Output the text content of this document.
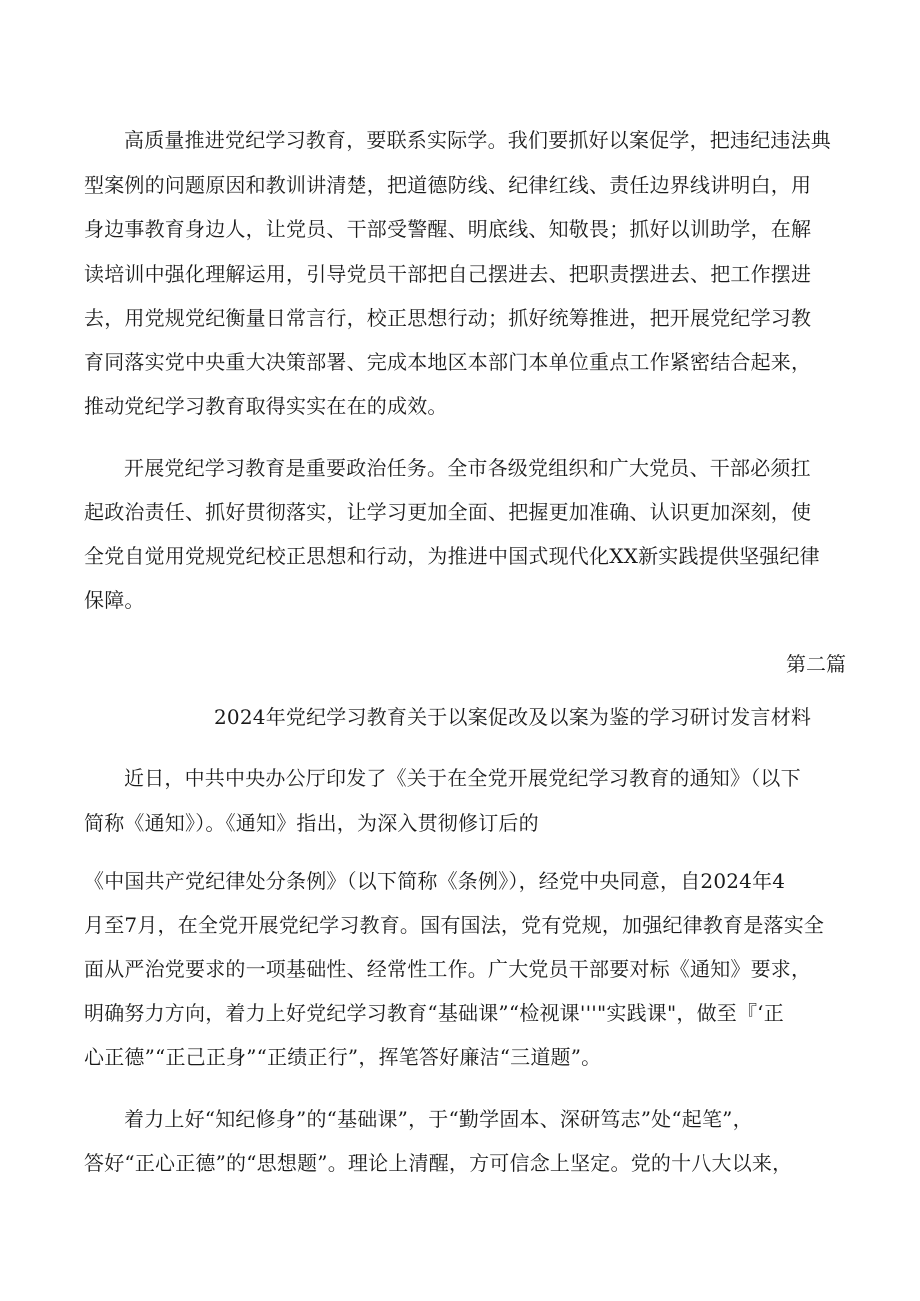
高质量推进党纪学习教育，要联系实际学。我们要抓好以案促学，把违纪违法典
型案例的问题原因和教训讲清楚，把道德防线、纪律红线、责任边界线讲明白，用
身边事教育身边人，让党员、干部受警醒、明底线、知敬畏；抓好以训助学，在解
读培训中强化理解运用，引导党员干部把自己摆进去、把职责摆进去、把工作摆进
去，用党规党纪衡量日常言行，校正思想行动；抓好统筹推进，把开展党纪学习教
育同落实党中央重大决策部署、完成本地区本部门本单位重点工作紧密结合起来，
推动党纪学习教育取得实实在在的成效。
开展党纪学习教育是重要政治任务。全市各级党组织和广大党员、干部必须扛
起政治责任、抓好贯彻落实，让学习更加全面、把握更加准确、认识更加深刻，使
全党自觉用党规党纪校正思想和行动，为推进中国式现代化XX新实践提供坚强纪律
保障。
第二篇
2024年党纪学习教育关于以案促改及以案为鉴的学习研讨发言材料
近日，中共中央办公厅印发了《关于在全党开展党纪学习教育的通知》（以下
简称《通知》）。《通知》指出，为深入贯彻修订后的
《中国共产党纪律处分条例》（以下简称《条例》），经党中央同意，自2024年4
月至7月，在全党开展党纪学习教育。国有国法，党有党规，加强纪律教育是落实全
面从严治党要求的一项基础性、经常性工作。广大党员干部要对标《通知》要求，
明确努力方向，着力上好党纪学习教育“基础课”“检视课'''"实践课"，做至『‘正
心正德”“正己正身”“正绩正行”，挥笔答好廉洁“三道题”。
着力上好“知纪修身”的“基础课”，于“勤学固本、深研笃志”处“起笔”，
答好“正心正德”的“思想题”。理论上清醒，方可信念上坚定。党的十八大以来，
